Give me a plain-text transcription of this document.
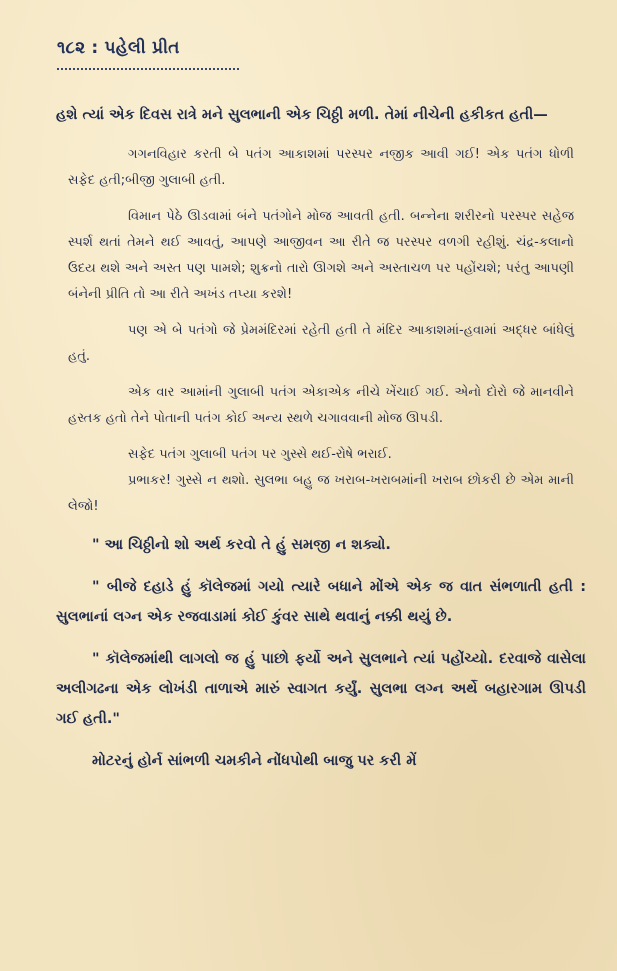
૧૮૨ : પહેલી પ્રીત

હશે ત્યાં એક દિવસ રાત્રે મને સુલભાની એક ચિઠ્ઠી મળી. તેમાં નીચેની હકીકત હતી—

ગગનવિહાર કરતી બે પતંગ આકાશમાં પરસ્પર નજીક આવી ગઈ! એક પતંગ ધોળી સફેદ હતી;બીજી ગુલાબી હતી.

વિમાન પેઠે ઊડવામાં બંને પતંગોને મોજ આવતી હતી. બન્નેના શરીરનો પરસ્પર સહેજ સ્પર્શ થતાં તેમને થઈ આવતું, આપણે આજીવન આ રીતે જ પરસ્પર વળગી રહીશું. ચંદ્ર-કલાનો ઉદય થશે અને અસ્ત પણ પામશે; શુક્રનો તારો ઊગશે અને અસ્તાચળ પર પહોંચશે; પરંતુ આપણી બંનેની પ્રીતિ તો આ રીતે અખંડ તપ્યા કરશે!

પણ એ બે પતંગો જે પ્રેમમંદિરમાં રહેતી હતી તે મંદિર આકાશમાં-હવામાં અદ્ધર બાંધેલું હતું.

એક વાર આમાંની ગુલાબી પતંગ એકાએક નીચે ખેંચાઈ ગઈ. એનો દોરો જે માનવીને હસ્તક હતો તેને પોતાની પતંગ કોઈ અન્ય સ્થળે ચગાવવાની મોજ ઊપડી.

સફેદ પતંગ ગુલાબી પતંગ પર ગુસ્સે થઈ-રોષે ભરાઈ.

પ્રભાકર! ગુસ્સે ન થશો. સુલભા બહુ જ ખરાબ-ખરાબમાંની ખરાબ છોકરી છે એમ માની લેજો!

" આ ચિઠ્ઠીનો શો અર્થ કરવો તે હું સમજી ન શક્યો.

" બીજે દહાડે હું કૉલેજમાં ગયો ત્યારે બધાને મોંએ એક જ વાત સંભળાતી હતી : સુલભાનાં લગ્ન એક રજવાડામાં કોઈ કુંવર સાથે થવાનું નક્કી થયું છે.

" કૉલેજમાંથી લાગલો જ હું પાછો ફર્યો અને સુલભાને ત્યાં પહોંચ્યો. દરવાજે વાસેલા અલીગઢના એક લોખંડી તાળાએ મારું સ્વાગત કર્યું. સુલભા લગ્ન અર્થે બહારગામ ઊપડી ગઈ હતી."

મોટરનું હોર્ન સાંભળી ચમકીને નોંધપોથી બાજુ પર કરી મેં
